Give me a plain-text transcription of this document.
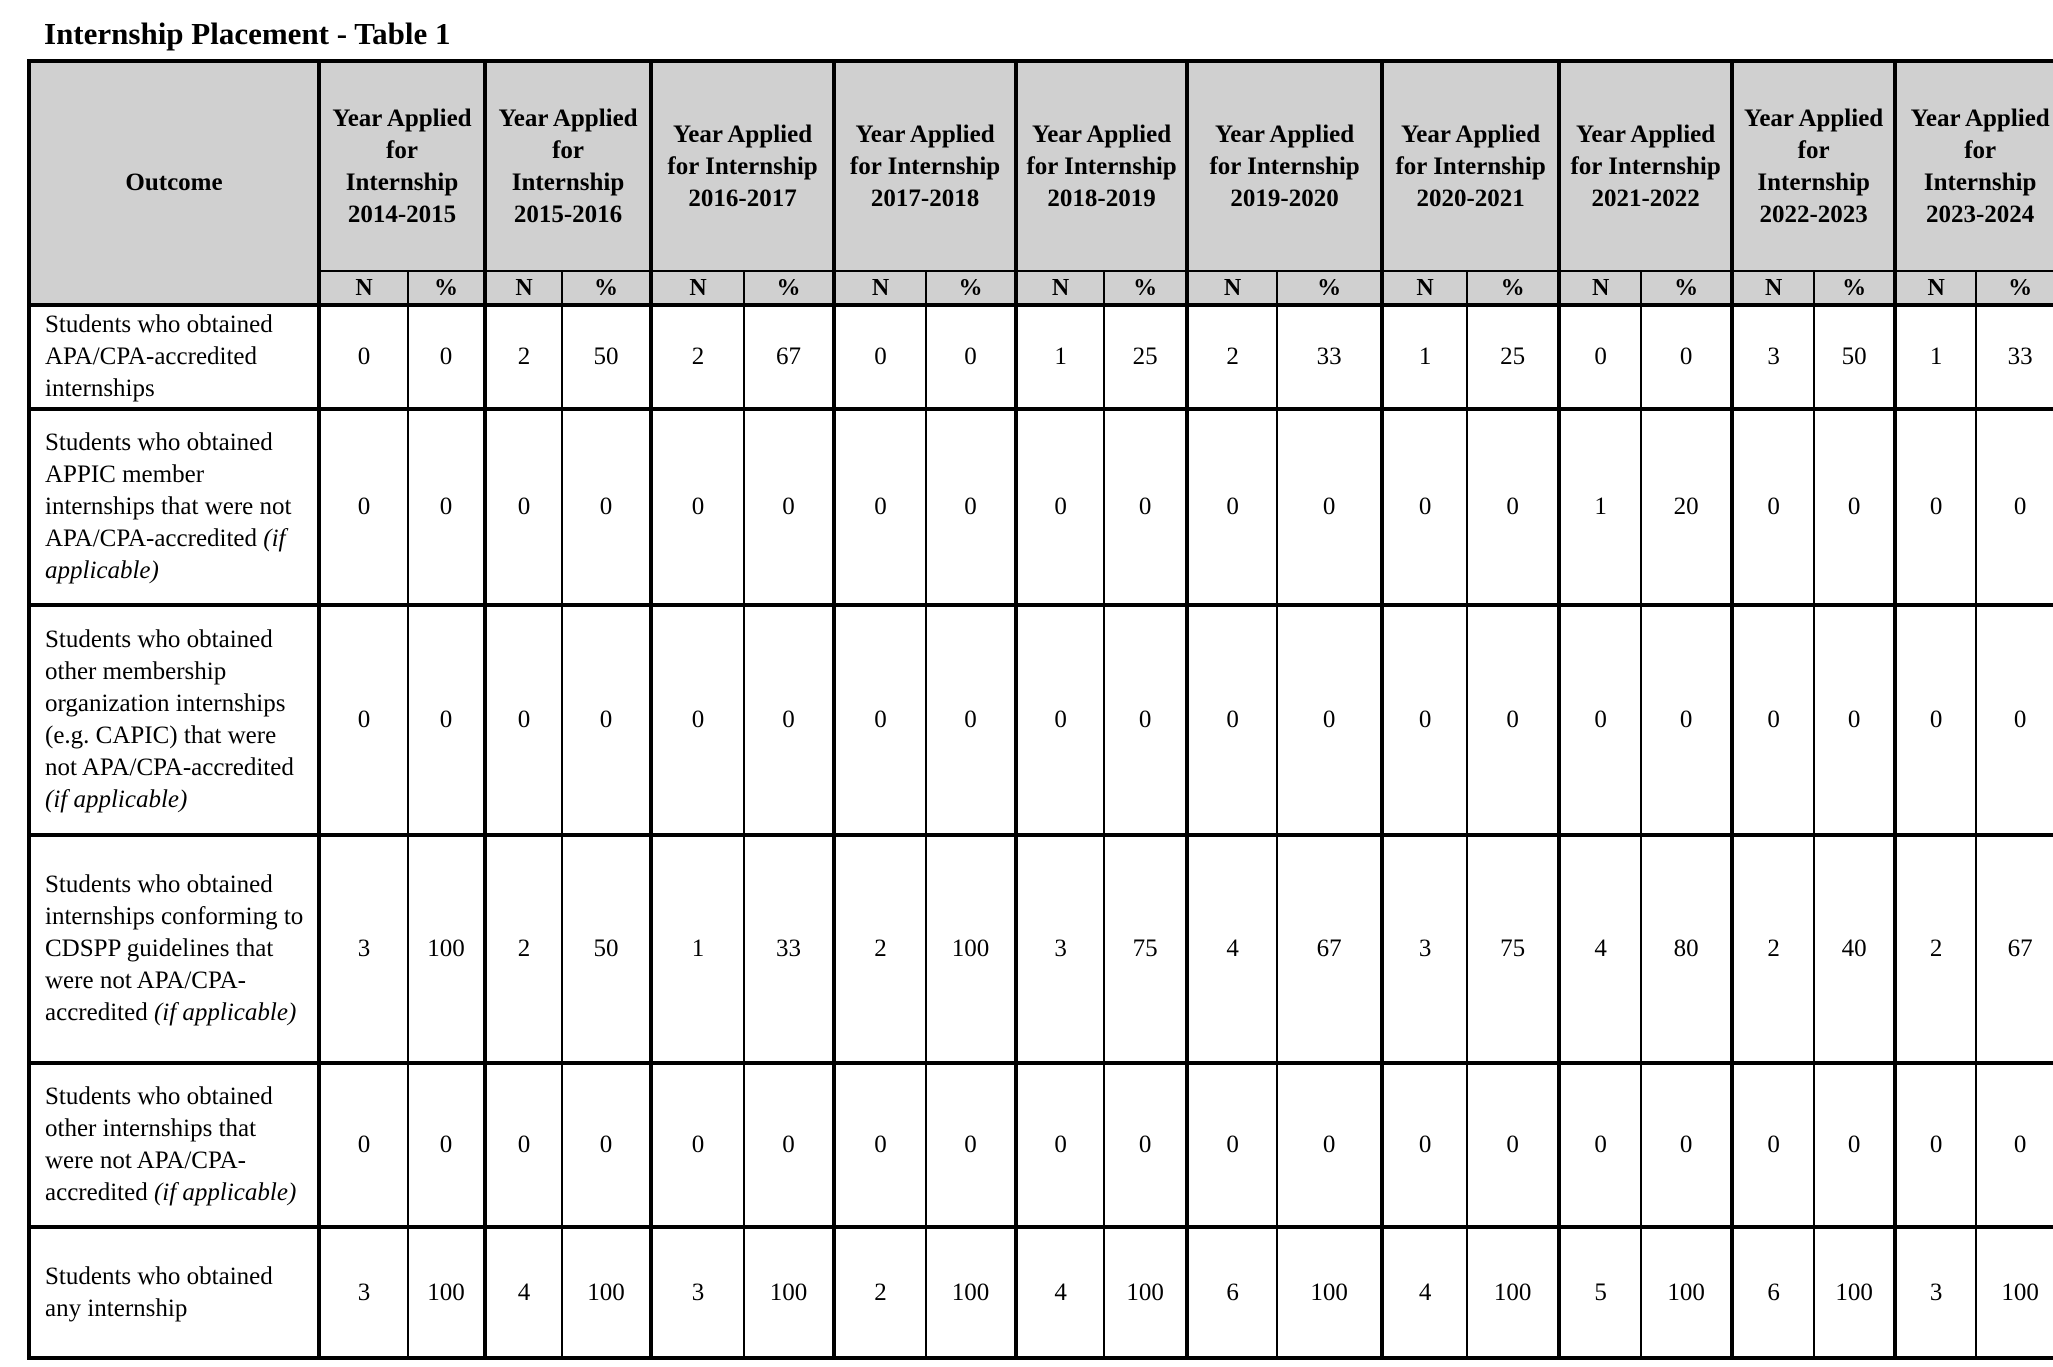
Internship Placement - Table 1
Outcome	Year Applied for Internship 2014-2015		Year Applied for Internship 2015-2016		Year Applied for Internship 2016-2017		Year Applied for Internship 2017-2018		Year Applied for Internship 2018-2019		Year Applied for Internship 2019-2020		Year Applied for Internship 2020-2021		Year Applied for Internship 2021-2022		Year Applied for Internship 2022-2023		Year Applied for Internship 2023-2024	
	N	%	N	%	N	%	N	%	N	%	N	%	N	%	N	%	N	%	N	%
Students who obtained APA/CPA-accredited internships	0	0	2	50	2	67	0	0	1	25	2	33	1	25	0	0	3	50	1	33
Students who obtained APPIC member internships that were not APA/CPA-accredited (if applicable)	0	0	0	0	0	0	0	0	0	0	0	0	0	0	1	20	0	0	0	0
Students who obtained other membership organization internships (e.g. CAPIC) that were not APA/CPA-accredited (if applicable)	0	0	0	0	0	0	0	0	0	0	0	0	0	0	0	0	0	0	0	0
Students who obtained internships conforming to CDSPP guidelines that were not APA/CPA-accredited (if applicable)	3	100	2	50	1	33	2	100	3	75	4	67	3	75	4	80	2	40	2	67
Students who obtained other internships that were not APA/CPA-accredited (if applicable)	0	0	0	0	0	0	0	0	0	0	0	0	0	0	0	0	0	0	0	0
Students who obtained any internship	3	100	4	100	3	100	2	100	4	100	6	100	4	100	5	100	6	100	3	100
